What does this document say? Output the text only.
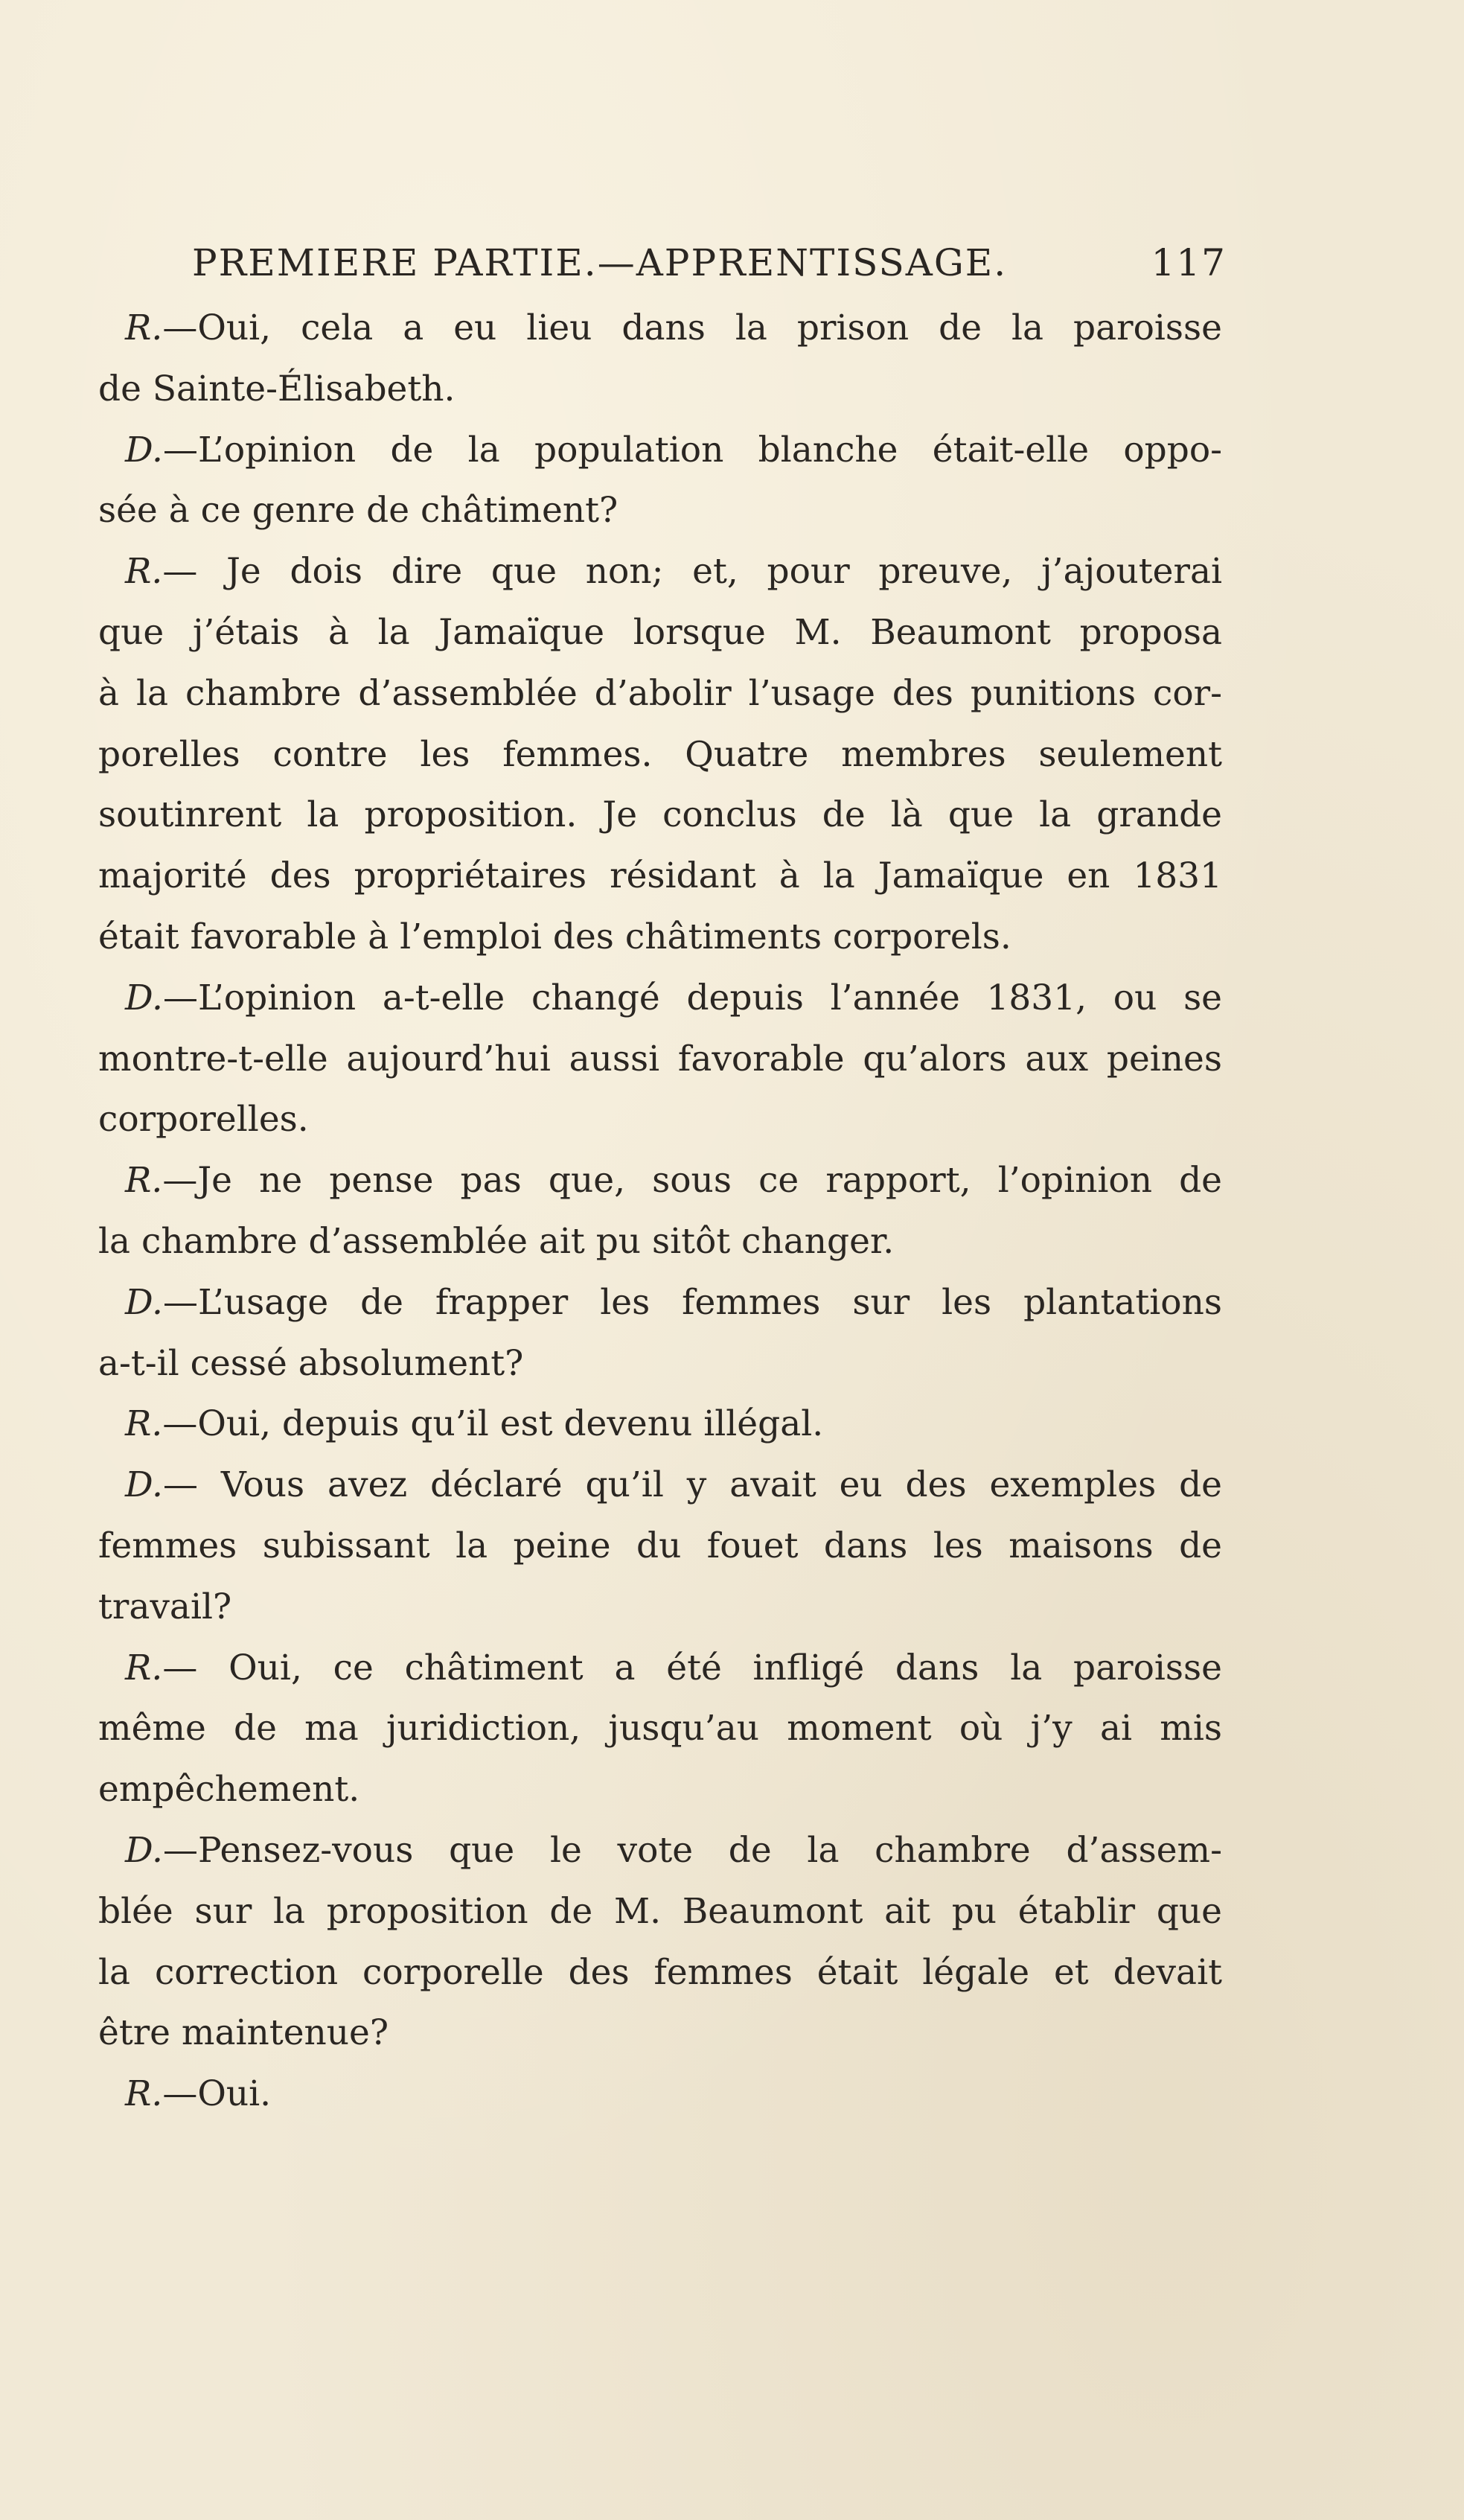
PREMIERE PARTIE.—APPRENTISSAGE.	117
R.—Oui, cela a eu lieu dans la prison de la paroisse
de Sainte-Élisabeth.
D.—L’opinion de la population blanche était-elle oppo-
sée à ce genre de châtiment?
R.— Je dois dire que non; et, pour preuve, j’ajouterai
que j’étais à la Jamaïque lorsque M. Beaumont proposa
à la chambre d’assemblée d’abolir l’usage des punitions cor-
porelles contre les femmes. Quatre membres seulement
soutinrent la proposition. Je conclus de là que la grande
majorité des propriétaires résidant à la Jamaïque en 1831
était favorable à l’emploi des châtiments corporels.
D.—L’opinion a-t-elle changé depuis l’année 1831, ou se
montre-t-elle aujourd’hui aussi favorable qu’alors aux peines
corporelles.
R.—Je ne pense pas que, sous ce rapport, l’opinion de
la chambre d’assemblée ait pu sitôt changer.
D.—L’usage de frapper les femmes sur les plantations
a-t-il cessé absolument?
R.—Oui, depuis qu’il est devenu illégal.
D.— Vous avez déclaré qu’il y avait eu des exemples de
femmes subissant la peine du fouet dans les maisons de
travail?
R.— Oui, ce châtiment a été infligé dans la paroisse
même de ma juridiction, jusqu’au moment où j’y ai mis
empêchement.
D.—Pensez-vous que le vote de la chambre d’assem-
blée sur la proposition de M. Beaumont ait pu établir que
la correction corporelle des femmes était légale et devait
être maintenue?
R.—Oui.
